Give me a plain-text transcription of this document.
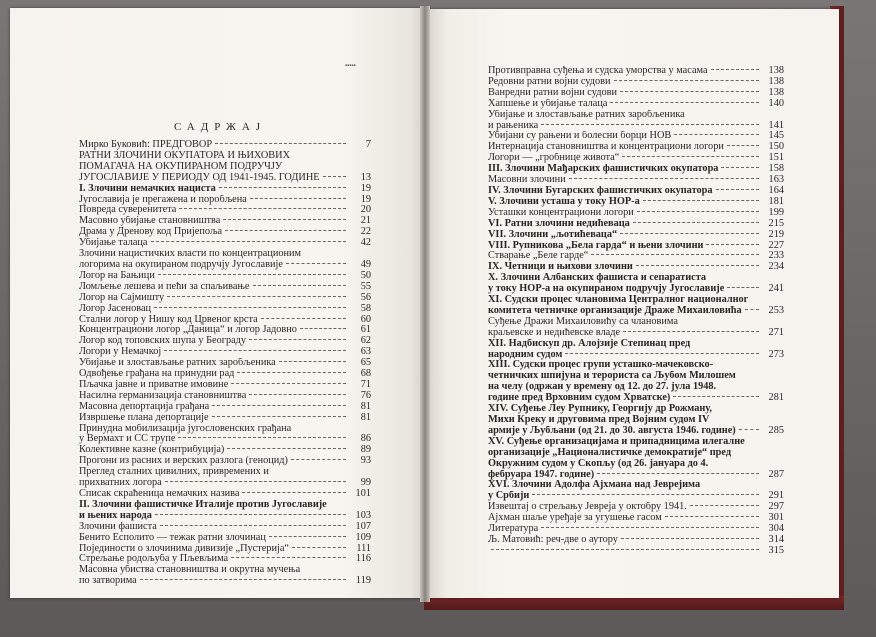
▪▪▪▪▪
САДРЖАЈ
Мирко Буковић: ПРЕДГОВОР	7
РАТНИ ЗЛОЧИНИ ОКУПАТОРА И ЊИХОВИХ
ПОМАГАЧА НА ОКУПИРАНОМ ПОДРУЧЈУ
ЈУГОСЛАВИЈЕ У ПЕРИОДУ ОД 1941-1945. ГОДИНЕ	13
I. Злочини немачких нациста	19
Југославија је прегажена и поробљена	19
Повреда суверенитета	20
Масовно убијање становништва	21
Драма у Дренову код Пријепоља	22
Убијање талаца	42
Злочини нацистичких власти по концентрационим
логорима на окупираном подручју Југославије	49
Логор на Бањици	50
Ломљење лешева и пећи за спаљивање	55
Логор на Сајмишту	56
Логор Јасеновац	58
Стални логор у Нишу код Црвеног крста	60
Концентрациони логор „Даница“ и логор Јадовно	61
Логор код топовских шупа у Београду	62
Логори у Немачкој	63
Убијање и злостављање ратних заробљеника	65
Одвођење грађана на принудни рад	68
Пљачка јавне и приватне имовине	71
Насилна германизација становништва	76
Масовна депортација грађана	81
Извршење плана депортације	81
Принудна мобилизација југословенских грађана
у Вермахт и СС трупе	86
Колективне казне (контрибуција)	89
Прогони из расних и верских разлога (геноцид)	93
Преглед сталних цивилних, привремених и
прихватних логора	99
Списак скраћеница немачких назива	101
II. Злочини фашистичке Италије против Југославије
и њених народа	103
Злочини фашиста	107
Бенито Есполито — тежак ратни злочинац	109
Појединости о злочинима дивизије „Пустерија“	111
Стрељање родољуба у Пљевљима	116
Масовна убиства становништва и окрутна мучења
по затворима	119
Противправна суђења и судска уморства у масама	138
Редовни ратни војни судови	138
Ванредни ратни војни судови	138
Хапшење и убијање талаца	140
Убијање и злостављање ратних заробљеника
и рањеника	141
Убијани су рањени и болесни борци НОВ	145
Интернација становништва и концентрациони логори	150
Логори — „гробнице живота“	151
III. Злочини Мађарских фашистичких окупатора	158
Масовни злочини	163
IV. Злочини Бугарских фашистичких окупатора	164
V. Злочини усташа у току НОР-а	181
Усташки концентрациони логори	199
VI. Ратни злочини недићеваца	215
VII. Злочини „љотићеваца“	219
VIII. Рупникова „Бела гарда“ и њени злочини	227
Стварање „Беле гарде“	233
IX. Четници и њихови злочини	234
X. Злочини Албанских фашиста и сепаратиста
у току НОР-а на окупираном подручју Југославије	241
XI. Судски процес члановима Централног националног
комитета четничке организације Драже Михаиловића	253
Суђење Дражи Михаиловићу са члановима
краљевске и недићевске владе	271
XII. Надбискуп др. Алојзије Степинац пред
народним судом	273
XIII. Судски процес групи усташко-мачековско-
четничких шпијуна и терориста са Љубом Милошем
на челу (одржан у времену од 12. до 27. јула 1948.
године пред Врховним судом Хрватске)	281
XIV. Суђење Леу Рупнику, Георгију др Рожману,
Михи Креку и друговима пред Војним судом IV
армије у Љубљани (од 21. до 30. августа 1946. године)	285
XV. Суђење организацијама и припадницима илегалне
организације „Националистичке демократије“ пред
Окружним судом у Скопљу (од 26. јануара до 4.
фебруара 1947. године)	287
XVI. Злочини Адолфа Ајхмана над Јеврејима
у Србији	291
Извештај о стрељању Јевреја у октобру 1941.	297
Ајхман шаље уређаје за угушење гасом	301
Литература	304
Љ. Матовић: реч-две о аутору	314
315
